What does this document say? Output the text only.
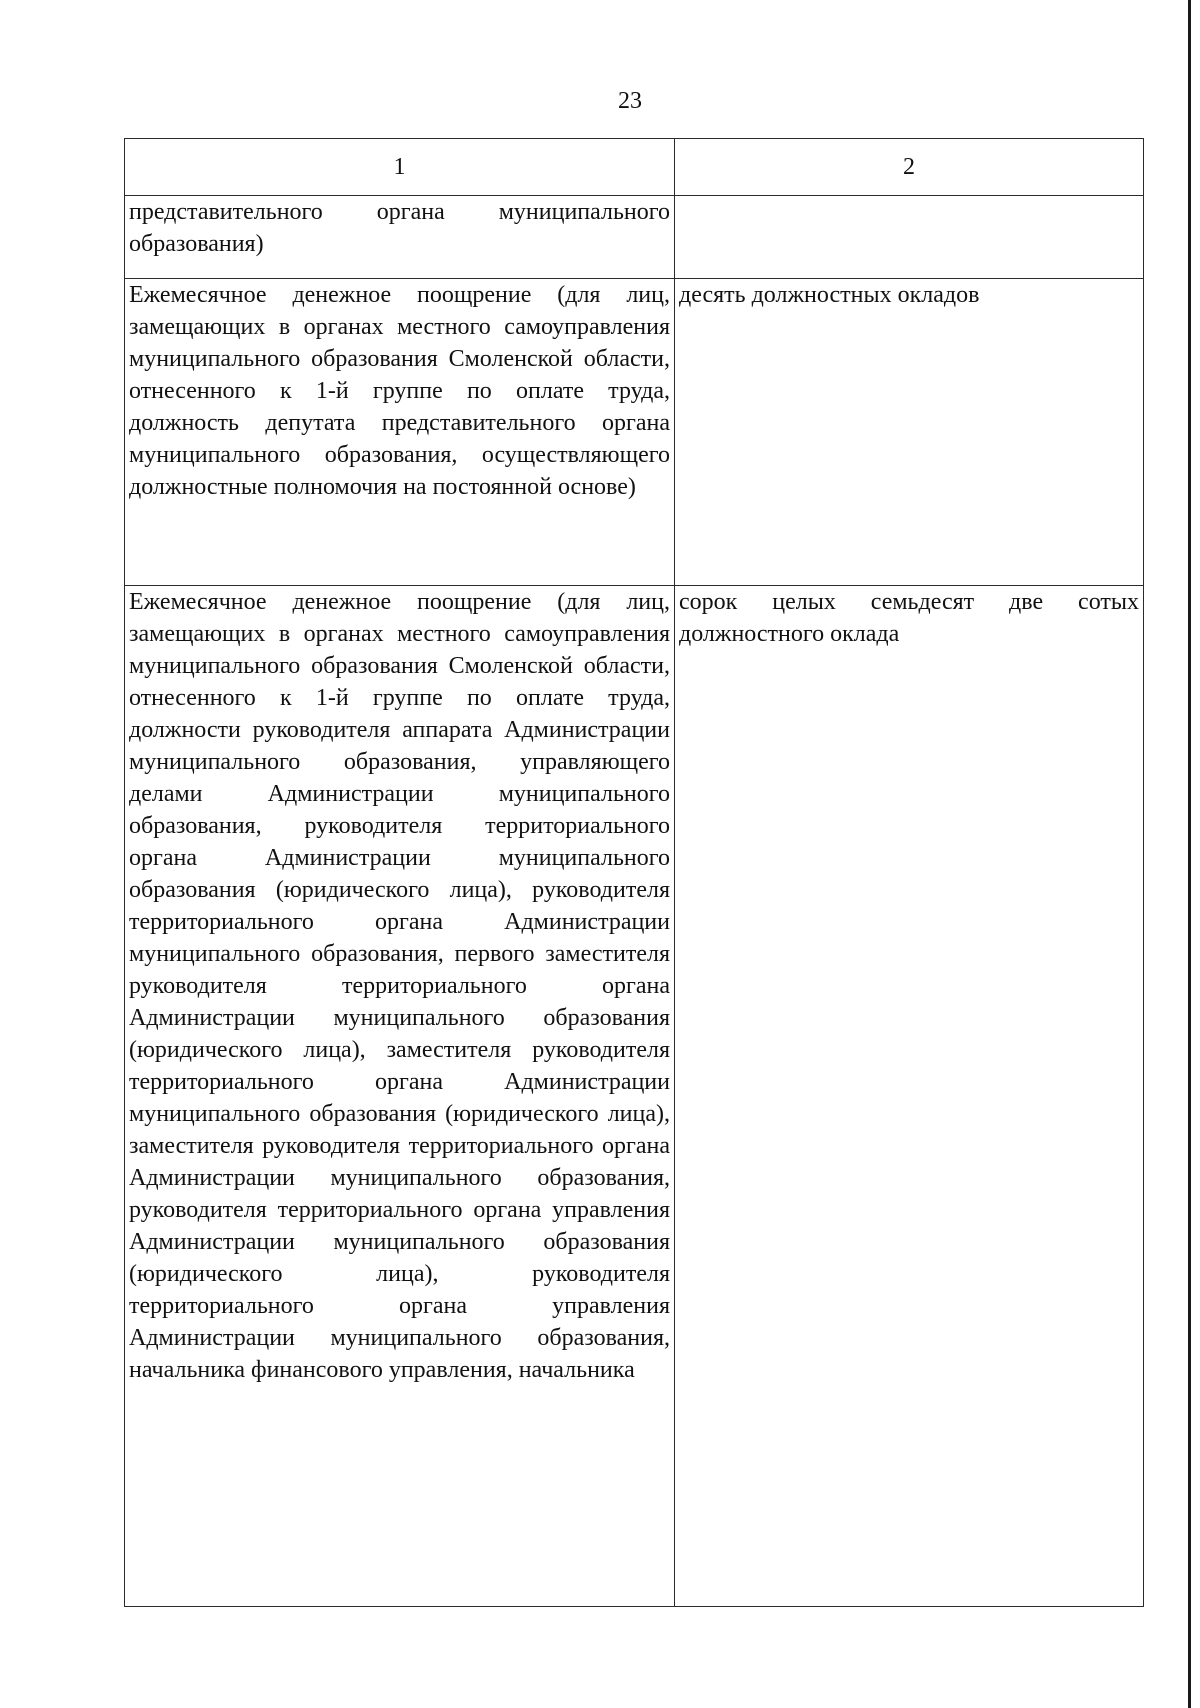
23
1	2
представительного органа муниципального образования)	
Ежемесячное денежное поощрение (для лиц, замещающих в органах местного самоуправления муниципального образования Смоленской области, отнесенного к 1-й группе по оплате труда, должность депутата представительного органа муниципального образования, осуществляющего должностные полномочия на постоянной основе)	десять должностных окладов
Ежемесячное денежное поощрение (для лиц, замещающих в органах местного самоуправления муниципального образования Смоленской области, отнесенного к 1-й группе по оплате труда, должности руководителя аппарата Администрации муниципального образования, управляющего делами Администрации муниципального образования, руководителя территориального органа Администрации муниципального образования (юридического лица), руководителя территориального органа Администрации муниципального образования, первого заместителя руководителя территориального органа Администрации муниципального образования (юридического лица), заместителя руководителя территориального органа Администрации муниципального образования (юридического лица), заместителя руководителя территориального органа Администрации муниципального образования, руководителя территориального органа управления Администрации муниципального образования (юридического лица), руководителя территориального органа управления Администрации муниципального образования, начальника финансового управления, начальника	сорок целых семьдесят две сотых должностного оклада
